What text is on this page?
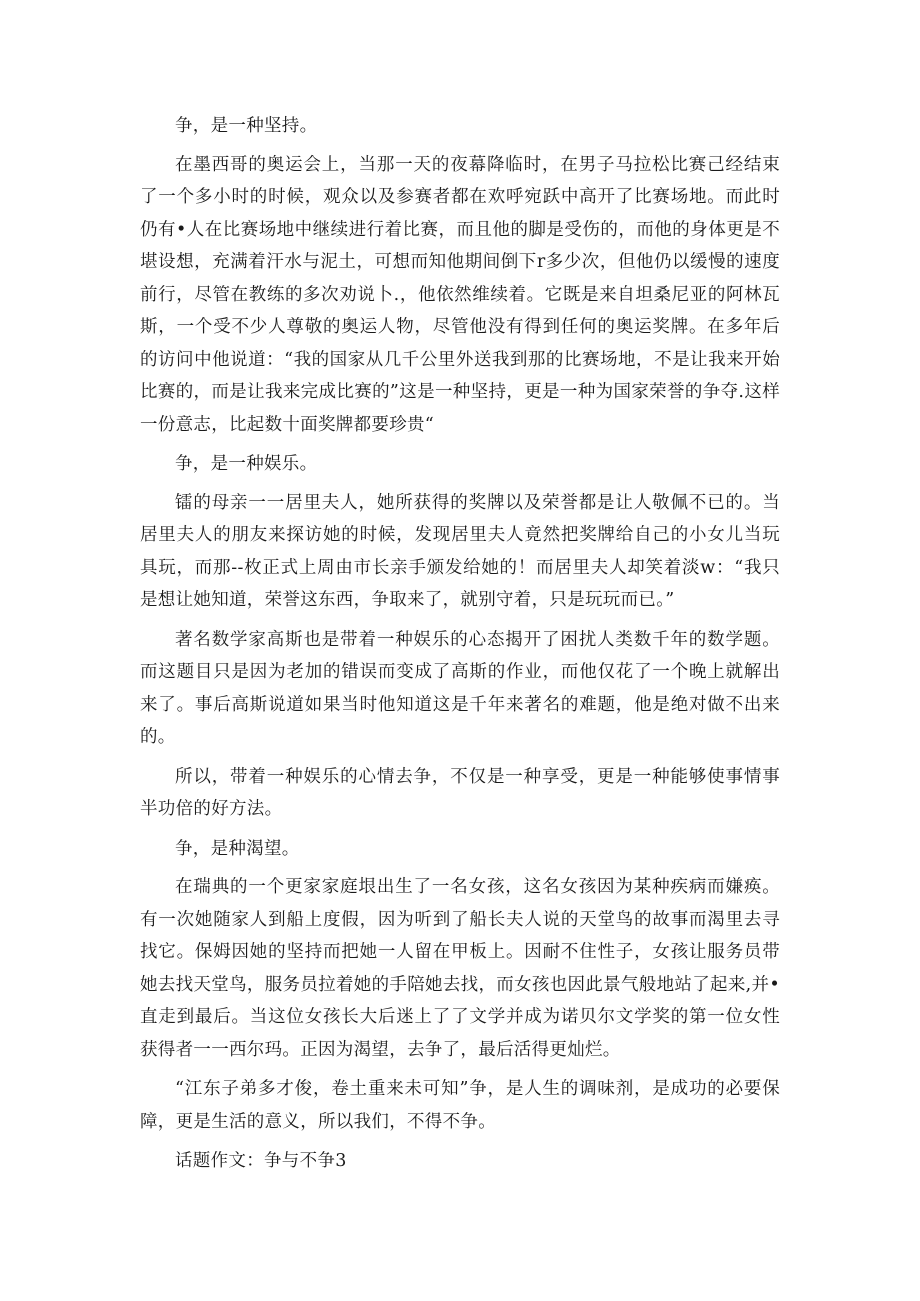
争，是一种坚持。

在墨西哥的奥运会上，当那一天的夜幕降临时，在男子马拉松比赛己经结束了一个多小时的时候，观众以及参赛者都在欢呼宛跃中高开了比赛场地。而此时仍有•人在比赛场地中继续进行着比赛，而且他的脚是受伤的，而他的身体更是不堪设想，充满着汗水与泥土，可想而知他期间倒下r多少次，但他仍以缓慢的速度前行，尽管在教练的多次劝说卜.，他依然维续着。它既是来自坦桑尼亚的阿林瓦斯，一个受不少人尊敬的奥运人物，尽管他没有得到任何的奥运奖牌。在多年后的访问中他说道：“我的国家从几千公里外送我到那的比赛场地，不是让我来开始比赛的，而是让我来完成比赛的”这是一种坚持，更是一种为国家荣誉的争夺.这样一份意志，比起数十面奖牌都要珍贵“

争，是一种娱乐。

镭的母亲一一居里夫人，她所获得的奖牌以及荣誉都是让人敬佩不已的。当居里夫人的朋友来探访她的时候，发现居里夫人竟然把奖牌给自己的小女儿当玩具玩，而那--枚正式上周由市长亲手颁发给她的！而居里夫人却笑着淡w：“我只是想让她知道，荣誉这东西，争取来了，就别守着，只是玩玩而已。”

著名数学家高斯也是带着一种娱乐的心态揭开了困扰人类数千年的数学题。而这题目只是因为老加的错误而变成了高斯的作业，而他仅花了一个晚上就解出来了。事后高斯说道如果当时他知道这是千年来著名的难题，他是绝对做不出来的。

所以，带着一种娱乐的心情去争，不仅是一种享受，更是一种能够使事情事半功倍的好方法。

争，是种渴望。

在瑞典的一个更家家庭垠出生了一名女孩，这名女孩因为某种疾病而嫌痪。有一次她随家人到船上度假，因为听到了船长夫人说的天堂鸟的故事而渴里去寻找它。保姆因她的坚持而把她一人留在甲板上。因耐不住性子，女孩让服务员带她去找天堂鸟，服务员拉着她的手陪她去找，而女孩也因此景气般地站了起来,并•直走到最后。当这位女孩长大后迷上了了文学并成为诺贝尔文学奖的第一位女性获得者一一西尔玛。正因为渴望，去争了，最后活得更灿烂。

“江东子弟多才俊，卷土重来未可知”争，是人生的调味剂，是成功的必要保障，更是生活的意义，所以我们，不得不争。

话题作文：争与不争3
